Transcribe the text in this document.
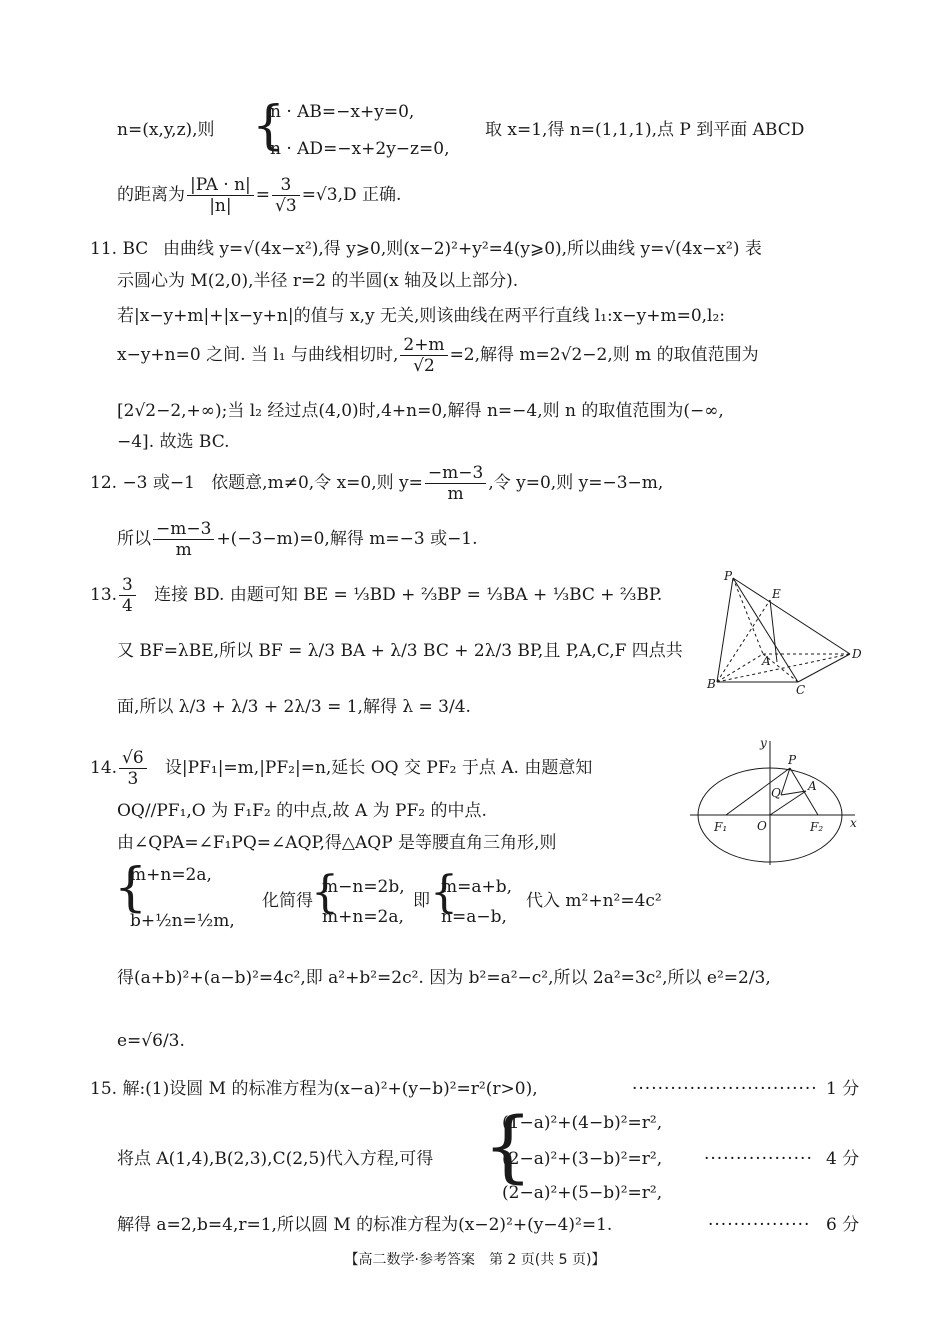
n=(x,y,z),则 {
n · AB=−x+y=0,
n · AD=−x+2y−z=0,
取 x=1,得 n=(1,1,1),点 P 到平面 ABCD
的距离为 $\frac{|PA \cdot n|}{|n|} = \frac{3}{√3} =√3,D$ 正确.
11. BC 由曲线 y=√(4x−x²),得 y⩾0,则(x−2)²+y²=4(y⩾0),所以曲线 y=√(4x−x²) 表
示圆心为 M(2,0),半径 r=2 的半圆(x 轴及以上部分).
若|x−y+m|+|x−y+n|的值与 x,y 无关,则该曲线在两平行直线 l₁:x−y+m=0,l₂:
x−y+n=0 之间. 当 l₁ 与曲线相切时, $\frac{2+m}{√2} =2$,解得 m=2√2−2,则 m 的取值范围为
[2√2−2,+∞);当 l₂ 经过点(4,0)时,4+n=0,解得 n=−4,则 n 的取值范围为(−∞,
−4]. 故选 BC.
12. −3 或−1 依题意,m≠0,令 x=0,则 $y= \frac{-m-3}{m}$ ,令 y=0,则 y=−3−m,
所以 $\frac{-m-3}{m} +(-3-m)=0$,解得 m=−3 或−1.
13. $\frac{3}{4}$ 连接 BD. 由题可知 BE = ⅓BD + ⅔BP = ⅓BA + ⅓BC + ⅔BP.
又 BF=λBE,所以 BF = λ/3 BA + λ/3 BC + 2λ/3 BP,且 P,A,C,F 四点共
面,所以 λ/3 + λ/3 + 2λ/3 = 1,解得 λ = 3/4.
P
E
A	D
B	C
14. $\frac{√6}{3}$ 设|PF₁|=m,|PF₂|=n,延长 OQ 交 PF₂ 于点 A. 由题意知
OQ//PF₁,O 为 F₁F₂ 的中点,故 A 为 PF₂ 的中点.
由∠QPA=∠F₁PQ=∠AQP,得△AQP 是等腰直角三角形,则
{
m+n=2a,
b+½n=½m,
化简得
{
m−n=2b,
m+n=2a,
即 {
m=a+b,
n=a−b,
代入 m²+n²=4c²
得(a+b)²+(a−b)²=4c²,即 a²+b²=2c². 因为 b²=a²−c²,所以 2a²=3c²,所以 e²=2/3,
e=√6/3.
y
P
Q A
F₁ O	F₂ x
15. 解:(1)设圆 M 的标准方程为(x−a)²+(y−b)²=r²(r>0),	····························· 1 分
将点 A(1,4),B(2,3),C(2,5)代入方程,可得 {
(1−a)²+(4−b)²=r²,
(2−a)²+(3−b)²=r²,
(2−a)²+(5−b)²=r²,
················· 4 分
解得 a=2,b=4,r=1,所以圆 M 的标准方程为(x−2)²+(y−4)²=1.	················ 6 分
【高二数学·参考答案　第 2 页(共 5 页)】
